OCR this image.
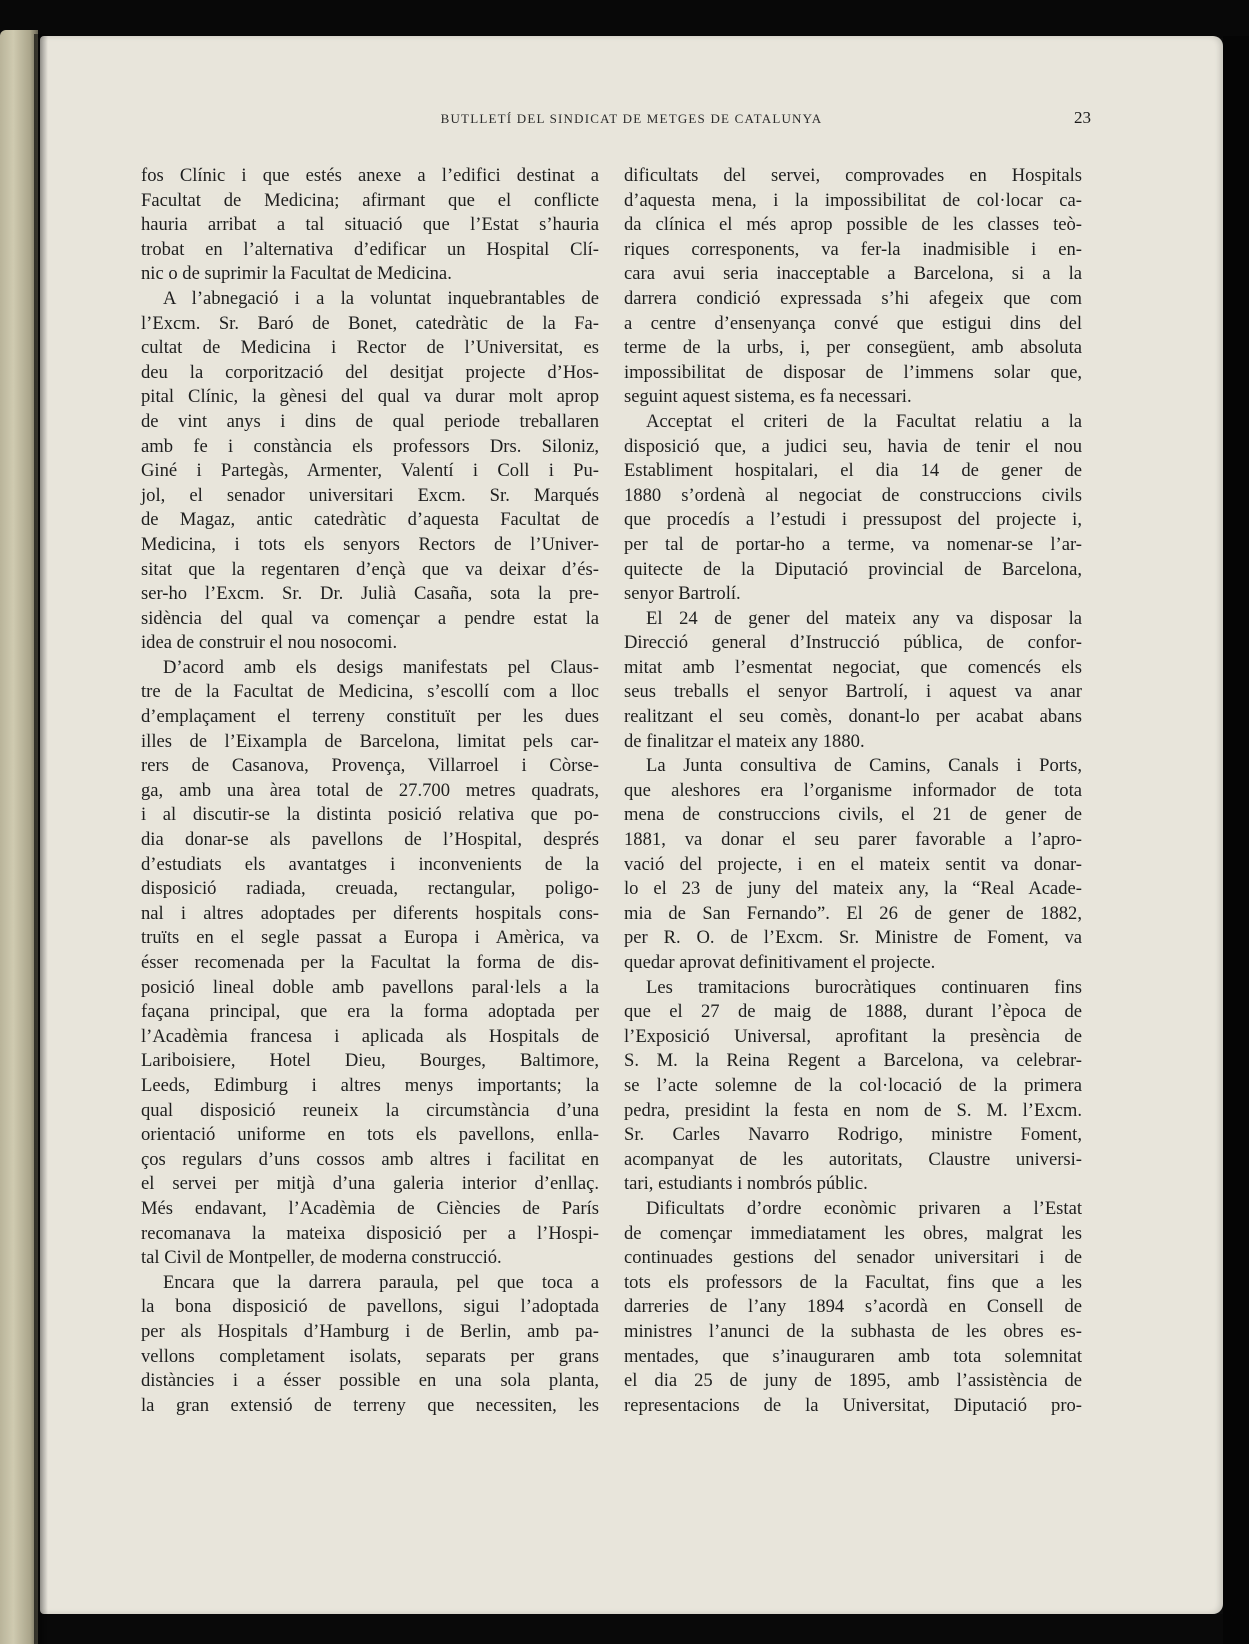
BUTLLETÍ DEL SINDICAT DE METGES DE CATALUNYA	23
fos Clínic i que estés anexe a l’edifici destinat a
Facultat de Medicina; afirmant que el conflicte
hauria arribat a tal situació que l’Estat s’hauria
trobat en l’alternativa d’edificar un Hospital Clí-
nic o de suprimir la Facultat de Medicina.
A l’abnegació i a la voluntat inquebrantables de
l’Excm. Sr. Baró de Bonet, catedràtic de la Fa-
cultat de Medicina i Rector de l’Universitat, es
deu la corporització del desitjat projecte d’Hos-
pital Clínic, la gènesi del qual va durar molt aprop
de vint anys i dins de qual periode treballaren
amb fe i constància els professors Drs. Siloniz,
Giné i Partegàs, Armenter, Valentí i Coll i Pu-
jol, el senador universitari Excm. Sr. Marqués
de Magaz, antic catedràtic d’aquesta Facultat de
Medicina, i tots els senyors Rectors de l’Univer-
sitat que la regentaren d’ençà que va deixar d’és-
ser-ho l’Excm. Sr. Dr. Julià Casaña, sota la pre-
sidència del qual va començar a pendre estat la
idea de construir el nou nosocomi.
D’acord amb els desigs manifestats pel Claus-
tre de la Facultat de Medicina, s’escollí com a lloc
d’emplaçament el terreny constituït per les dues
illes de l’Eixampla de Barcelona, limitat pels car-
rers de Casanova, Provença, Villarroel i Còrse-
ga, amb una àrea total de 27.700 metres quadrats,
i al discutir-se la distinta posició relativa que po-
dia donar-se als pavellons de l’Hospital, després
d’estudiats els avantatges i inconvenients de la
disposició radiada, creuada, rectangular, poligo-
nal i altres adoptades per diferents hospitals cons-
truïts en el segle passat a Europa i Amèrica, va
ésser recomenada per la Facultat la forma de dis-
posició lineal doble amb pavellons paral·lels a la
façana principal, que era la forma adoptada per
l’Acadèmia francesa i aplicada als Hospitals de
Lariboisiere, Hotel Dieu, Bourges, Baltimore,
Leeds, Edimburg i altres menys importants; la
qual disposició reuneix la circumstància d’una
orientació uniforme en tots els pavellons, enlla-
ços regulars d’uns cossos amb altres i facilitat en
el servei per mitjà d’una galeria interior d’enllaç.
Més endavant, l’Acadèmia de Ciències de París
recomanava la mateixa disposició per a l’Hospi-
tal Civil de Montpeller, de moderna construcció.
Encara que la darrera paraula, pel que toca a
la bona disposició de pavellons, sigui l’adoptada
per als Hospitals d’Hamburg i de Berlin, amb pa-
vellons completament isolats, separats per grans
distàncies i a ésser possible en una sola planta,
la gran extensió de terreny que necessiten, les
dificultats del servei, comprovades en Hospitals
d’aquesta mena, i la impossibilitat de col·locar ca-
da clínica el més aprop possible de les classes teò-
riques corresponents, va fer-la inadmisible i en-
cara avui seria inacceptable a Barcelona, si a la
darrera condició expressada s’hi afegeix que com
a centre d’ensenyança convé que estigui dins del
terme de la urbs, i, per consegüent, amb absoluta
impossibilitat de disposar de l’immens solar que,
seguint aquest sistema, es fa necessari.
Acceptat el criteri de la Facultat relatiu a la
disposició que, a judici seu, havia de tenir el nou
Establiment hospitalari, el dia 14 de gener de
1880 s’ordenà al negociat de construccions civils
que procedís a l’estudi i pressupost del projecte i,
per tal de portar-ho a terme, va nomenar-se l’ar-
quitecte de la Diputació provincial de Barcelona,
senyor Bartrolí.
El 24 de gener del mateix any va disposar la
Direcció general d’Instrucció pública, de confor-
mitat amb l’esmentat negociat, que comencés els
seus treballs el senyor Bartrolí, i aquest va anar
realitzant el seu comès, donant-lo per acabat abans
de finalitzar el mateix any 1880.
La Junta consultiva de Camins, Canals i Ports,
que aleshores era l’organisme informador de tota
mena de construccions civils, el 21 de gener de
1881, va donar el seu parer favorable a l’apro-
vació del projecte, i en el mateix sentit va donar-
lo el 23 de juny del mateix any, la “Real Acade-
mia de San Fernando”. El 26 de gener de 1882,
per R. O. de l’Excm. Sr. Ministre de Foment, va
quedar aprovat definitivament el projecte.
Les tramitacions burocràtiques continuaren fins
que el 27 de maig de 1888, durant l’època de
l’Exposició Universal, aprofitant la presència de
S. M. la Reina Regent a Barcelona, va celebrar-
se l’acte solemne de la col·locació de la primera
pedra, presidint la festa en nom de S. M. l’Excm.
Sr. Carles Navarro Rodrigo, ministre Foment,
acompanyat de les autoritats, Claustre universi-
tari, estudiants i nombrós públic.
Dificultats d’ordre econòmic privaren a l’Estat
de començar immediatament les obres, malgrat les
continuades gestions del senador universitari i de
tots els professors de la Facultat, fins que a les
darreries de l’any 1894 s’acordà en Consell de
ministres l’anunci de la subhasta de les obres es-
mentades, que s’inauguraren amb tota solemnitat
el dia 25 de juny de 1895, amb l’assistència de
representacions de la Universitat, Diputació pro-
